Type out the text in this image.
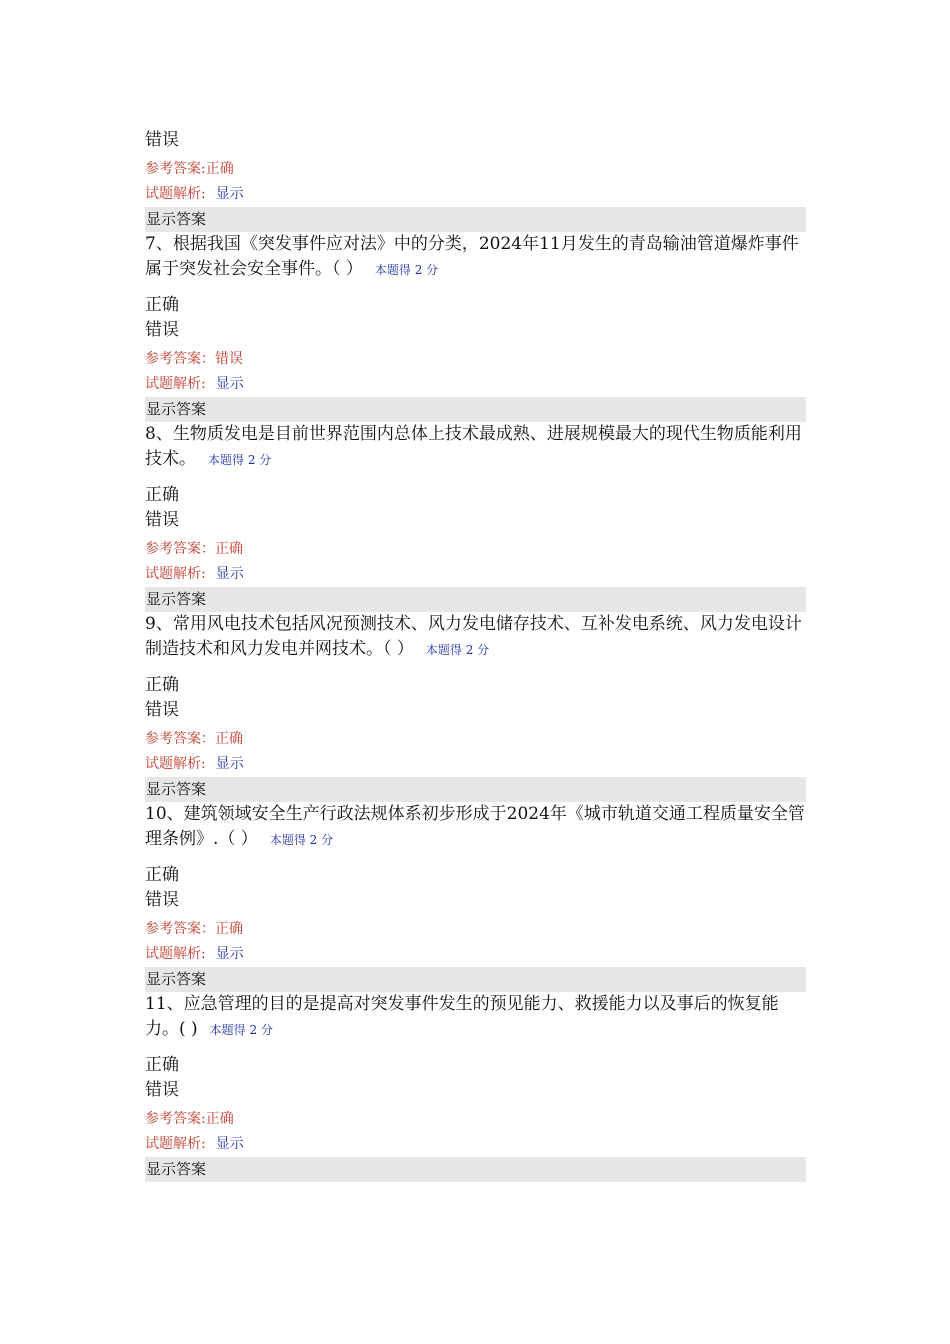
错误
参考答案:正确
试题解析: 显示
显示答案
7、根据我国《突发事件应对法》中的分类，2024年11月发生的青岛输油管道爆炸事件属于突发社会安全事件。（ ） 本题得 2 分
正确
错误
参考答案：错误
试题解析: 显示
显示答案
8、生物质发电是目前世界范围内总体上技术最成熟、进展规模最大的现代生物质能利用技术。 本题得 2 分
正确
错误
参考答案：正确
试题解析: 显示
显示答案
9、常用风电技术包括风况预测技术、风力发电储存技术、互补发电系统、风力发电设计制造技术和风力发电并网技术。（ ） 本题得 2 分
正确
错误
参考答案：正确
试题解析: 显示
显示答案
10、建筑领域安全生产行政法规体系初步形成于2024年《城市轨道交通工程质量安全管理条例》.（ ） 本题得 2 分
正确
错误
参考答案：正确
试题解析: 显示
显示答案
11、应急管理的目的是提高对突发事件发生的预见能力、救援能力以及事后的恢复能力。( ) 本题得 2 分
正确
错误
参考答案:正确
试题解析: 显示
显示答案
